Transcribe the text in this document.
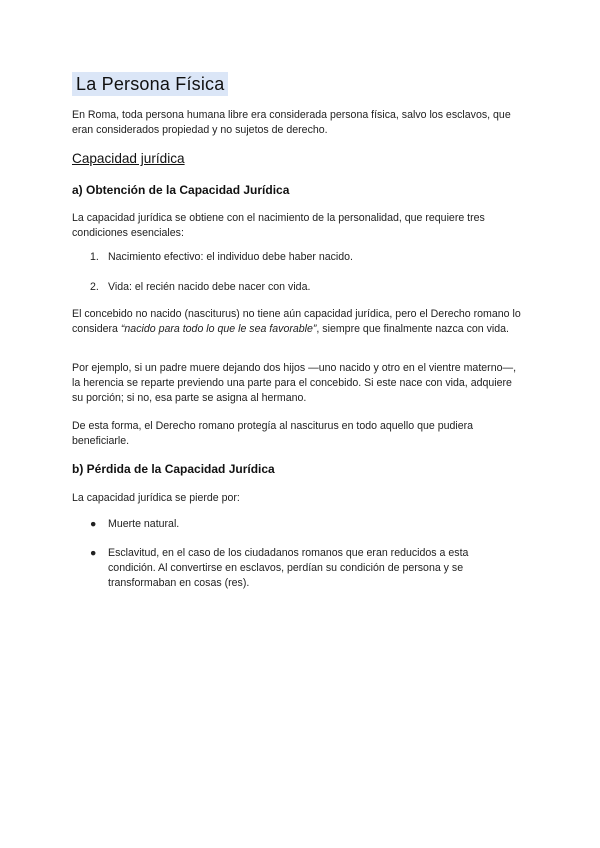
La Persona Física
En Roma, toda persona humana libre era considerada persona física, salvo los esclavos, que eran considerados propiedad y no sujetos de derecho.
Capacidad jurídica
a) Obtención de la Capacidad Jurídica
La capacidad jurídica se obtiene con el nacimiento de la personalidad, que requiere tres condiciones esenciales:
1. Nacimiento efectivo: el individuo debe haber nacido.
2. Vida: el recién nacido debe nacer con vida.
El concebido no nacido (nasciturus) no tiene aún capacidad jurídica, pero el Derecho romano lo considera “nacido para todo lo que le sea favorable”, siempre que finalmente nazca con vida.
Por ejemplo, si un padre muere dejando dos hijos —uno nacido y otro en el vientre materno—, la herencia se reparte previendo una parte para el concebido. Si este nace con vida, adquiere su porción; si no, esa parte se asigna al hermano.
De esta forma, el Derecho romano protegía al nasciturus en todo aquello que pudiera beneficiarle.
b) Pérdida de la Capacidad Jurídica
La capacidad jurídica se pierde por:
●	Muerte natural.
●	Esclavitud, en el caso de los ciudadanos romanos que eran reducidos a esta condición. Al convertirse en esclavos, perdían su condición de persona y se transformaban en cosas (res).
